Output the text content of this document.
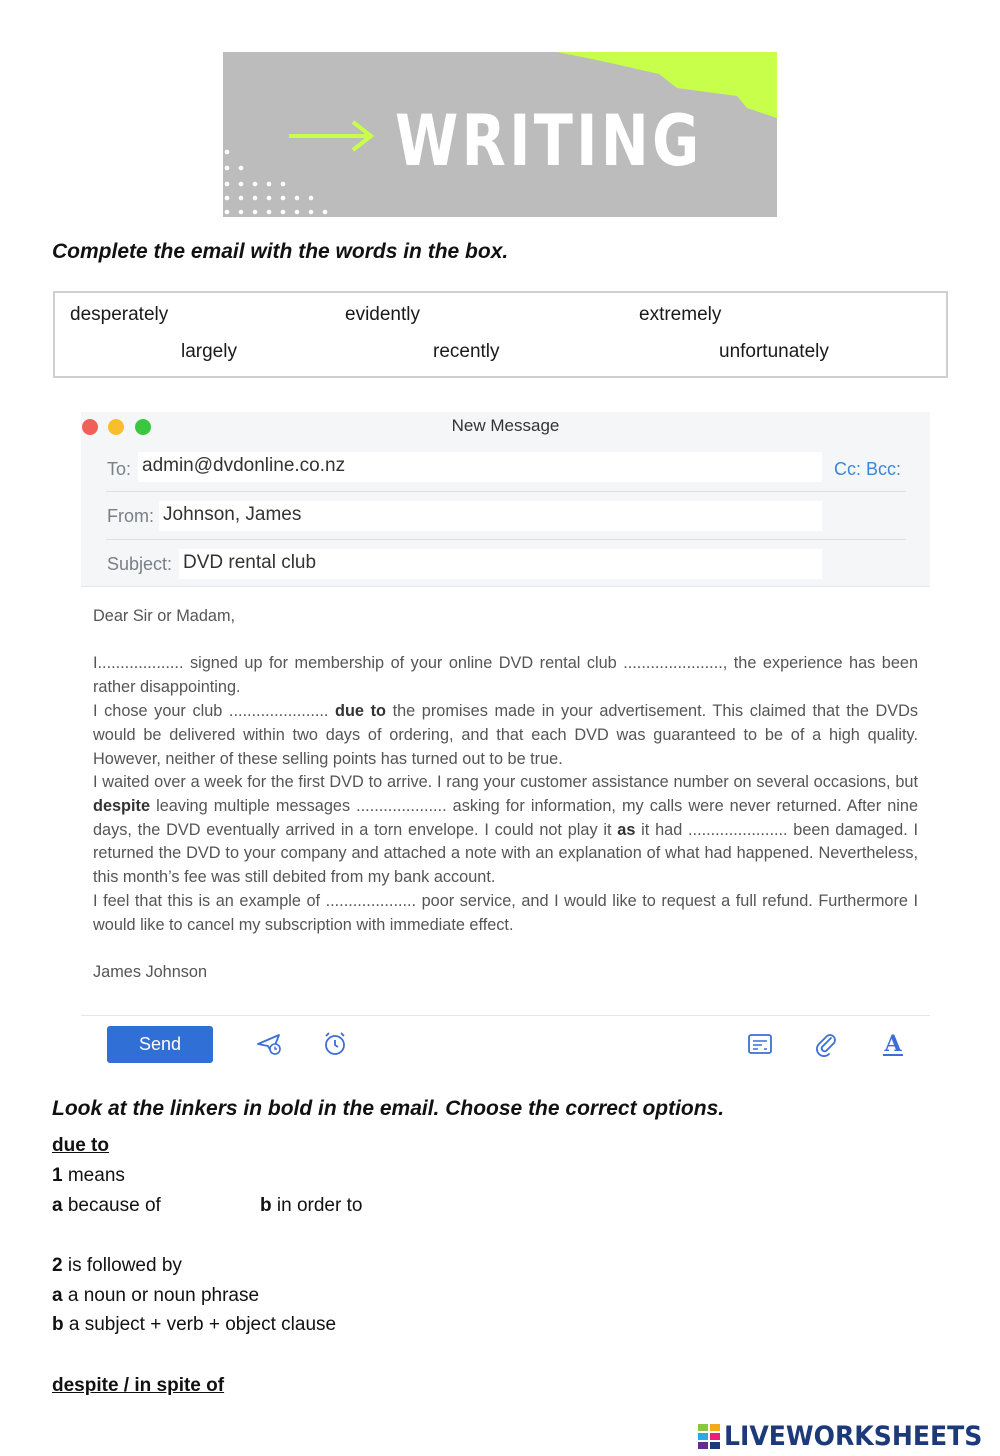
WRITING
Complete the email with the words in the box.
desperately	evidently	extremely
largely	recently	unfortunately
New Message
To: admin@dvdonline.co.nz	Cc: Bcc:
From: Johnson, James
Subject: DVD rental club
Dear Sir or Madam,
I................... signed up for membership of your online DVD rental club ......................, the experience has been rather disappointing.
I chose your club ...................... due to the promises made in your advertisement. This claimed that the DVDs would be delivered within two days of ordering, and that each DVD was guaranteed to be of a high quality. However, neither of these selling points has turned out to be true.
I waited over a week for the first DVD to arrive. I rang your customer assistance number on several occasions, but despite leaving multiple messages .................... asking for information, my calls were never returned. After nine days, the DVD eventually arrived in a torn envelope. I could not play it as it had ...................... been damaged. I returned the DVD to your company and attached a note with an explanation of what had happened. Nevertheless, this month’s fee was still debited from my bank account.
I feel that this is an example of .................... poor service, and I would like to request a full refund. Furthermore I would like to cancel my subscription with immediate effect.
James Johnson
Send	A
Look at the linkers in bold in the email. Choose the correct options.
due to
1 means
a because of	b in order to
2 is followed by
a a noun or noun phrase
b a subject + verb + object clause
despite / in spite of
LIVEWORKSHEETS
